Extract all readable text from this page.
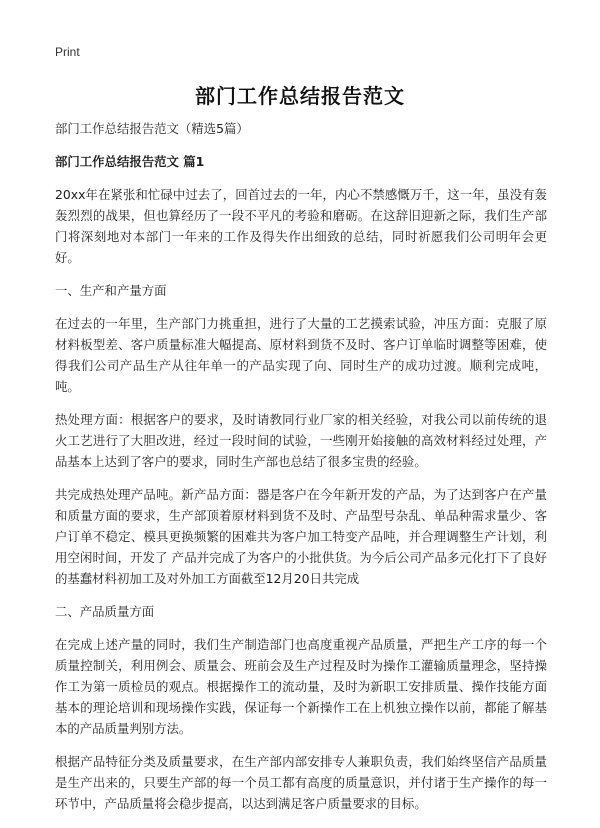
Print
部门工作总结报告范文

部门工作总结报告范文（精选5篇）

部门工作总结报告范文 篇1

20xx年在紧张和忙碌中过去了，回首过去的一年，内心不禁感慨万千，这一年，虽没有轰轰烈烈的战果，但也算经历了一段不平凡的考验和磨砺。在这辞旧迎新之际，我们生产部门将深刻地对本部门一年来的工作及得失作出细致的总结，同时祈愿我们公司明年会更好。

一、生产和产量方面

在过去的一年里，生产部门力挑重担，进行了大量的工艺摸索试验，冲压方面：克服了原材料板型差、客户质量标准大幅提高、原材料到货不及时、客户订单临时调整等困难，使得我们公司产品生产从往年单一的产品实现了向、同时生产的成功过渡。顺利完成吨，吨。

热处理方面：根据客户的要求，及时请教同行业厂家的相关经验，对我公司以前传统的退火工艺进行了大胆改进，经过一段时间的试验，一些刚开始接触的高效材料经过处理，产品基本上达到了客户的要求，同时生产部也总结了很多宝贵的经验。

共完成热处理产品吨。新产品方面：器是客户在今年新开发的产品，为了达到客户在产量和质量方面的要求，生产部顶着原材料到货不及时、产品型号杂乱、单品种需求量少、客户订单不稳定、模具更换频繁的困难共为客户加工特变产品吨，并合理调整生产计划，利用空闲时间，开发了 产品并完成了为客户的小批供货。为今后公司产品多元化打下了良好的基蠢材料初加工及对外加工方面截至12月20日共完成

二、产品质量方面

在完成上述产量的同时，我们生产制造部门也高度重视产品质量，严把生产工序的每一个质量控制关，利用例会、质量会、班前会及生产过程及时为操作工灌输质量理念，坚持操作工为第一质检员的观点。根据操作工的流动量，及时为新职工安排质量、操作技能方面基本的理论培训和现场操作实践，保证每一个新操作工在上机独立操作以前，都能了解基本的产品质量判别方法。

根据产品特征分类及质量要求，在生产部内部安排专人兼职负责，我们始终坚信产品质量是生产出来的，只要生产部的每一个员工都有高度的质量意识，并付诸于生产操作的每一环节中，产品质量将会稳步提高，以达到满足客户质量要求的目标。
